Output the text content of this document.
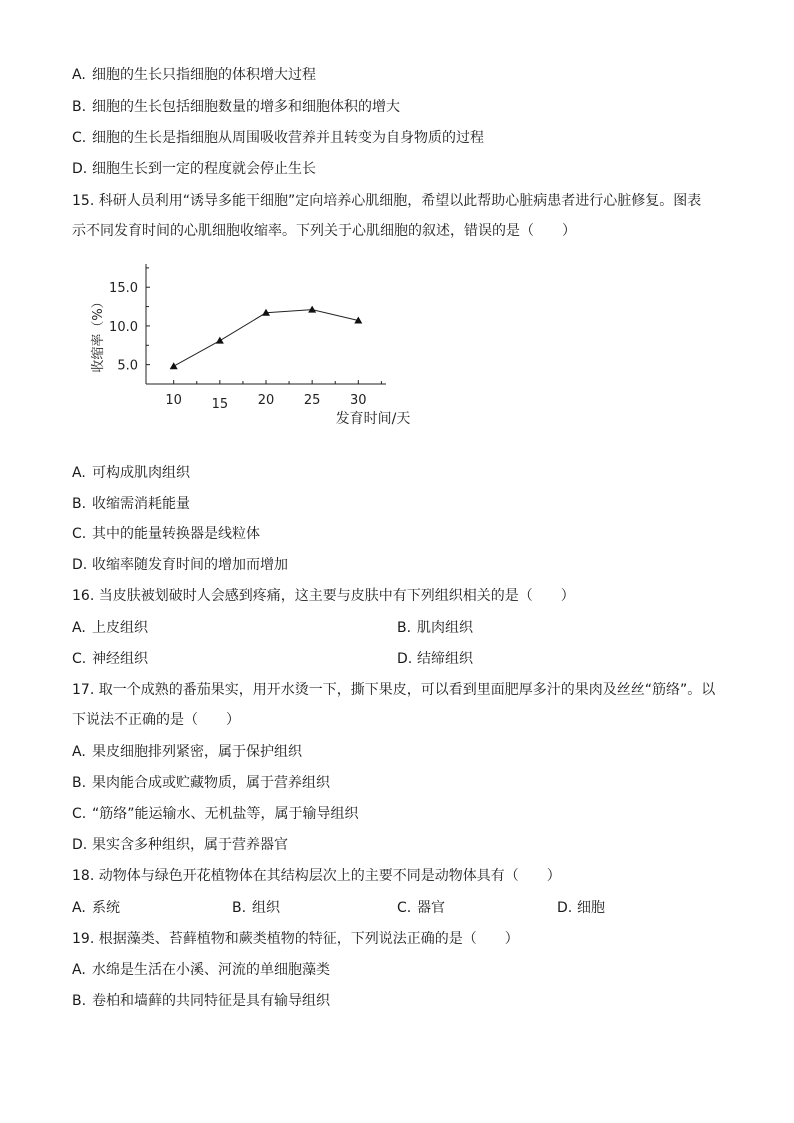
A. 细胞的生长只指细胞的体积增大过程
B. 细胞的生长包括细胞数量的增多和细胞体积的增大
C. 细胞的生长是指细胞从周围吸收营养并且转变为自身物质的过程
D. 细胞生长到一定的程度就会停止生长
15. 科研人员利用“诱导多能干细胞”定向培养心肌细胞，希望以此帮助心脏病患者进行心脏修复。图表
示不同发育时间的心肌细胞收缩率。下列关于心肌细胞的叙述，错误的是（　　）
5.0
10.0
15.0
10 15 20 25 30
发育时间/天
收缩率（%）
A. 可构成肌肉组织
B. 收缩需消耗能量
C. 其中的能量转换器是线粒体
D. 收缩率随发育时间的增加而增加
16. 当皮肤被划破时人会感到疼痛，这主要与皮肤中有下列组织相关的是（　　）
A. 上皮组织	B. 肌肉组织
C. 神经组织	D. 结缔组织
17. 取一个成熟的番茄果实，用开水烫一下，撕下果皮，可以看到里面肥厚多汁的果肉及丝丝“筋络”。以
下说法不正确的是（　　）
A. 果皮细胞排列紧密，属于保护组织
B. 果肉能合成或贮藏物质，属于营养组织
C. “筋络”能运输水、无机盐等，属于输导组织
D. 果实含多种组织，属于营养器官
18. 动物体与绿色开花植物体在其结构层次上的主要不同是动物体具有（　　）
A. 系统	B. 组织	C. 器官	D. 细胞
19. 根据藻类、苔藓植物和蕨类植物的特征，下列说法正确的是（　　）
A. 水绵是生活在小溪、河流的单细胞藻类
B. 卷柏和墙藓的共同特征是具有输导组织
